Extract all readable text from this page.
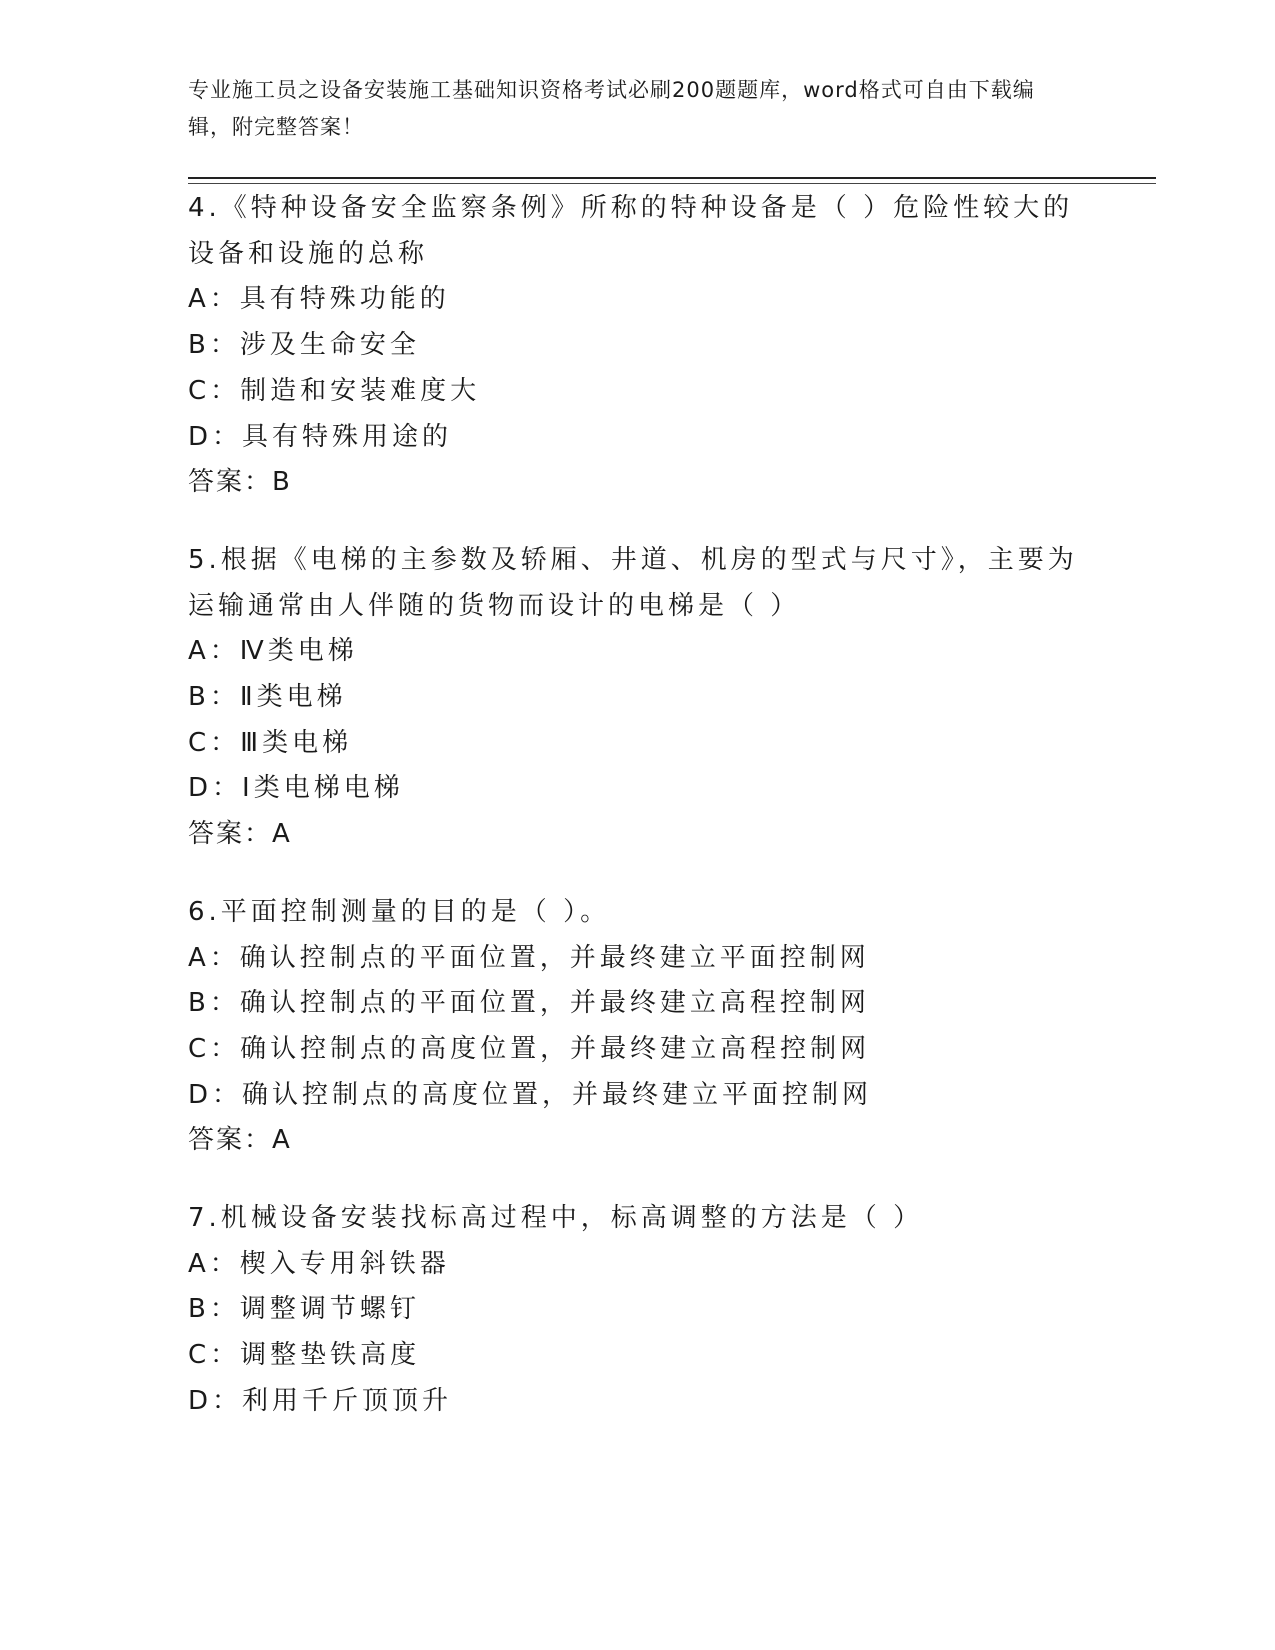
专业施工员之设备安装施工基础知识资格考试必刷200题题库，word格式可自由下载编辑，附完整答案！
4.《特种设备安全监察条例》所称的特种设备是（ ）危险性较大的设备和设施的总称
A：具有特殊功能的
B：涉及生命安全
C：制造和安装难度大
D：具有特殊用途的
答案：B
5.根据《电梯的主参数及轿厢、井道、机房的型式与尺寸》，主要为运输通常由人伴随的货物而设计的电梯是（ ）
A：Ⅳ类电梯
B：Ⅱ类电梯
C：Ⅲ类电梯
D：Ⅰ类电梯电梯
答案：A
6.平面控制测量的目的是（ ）。
A：确认控制点的平面位置，并最终建立平面控制网
B：确认控制点的平面位置，并最终建立高程控制网
C：确认控制点的高度位置，并最终建立高程控制网
D：确认控制点的高度位置，并最终建立平面控制网
答案：A
7.机械设备安装找标高过程中，标高调整的方法是（ ）
A：楔入专用斜铁器
B：调整调节螺钉
C：调整垫铁高度
D：利用千斤顶顶升
